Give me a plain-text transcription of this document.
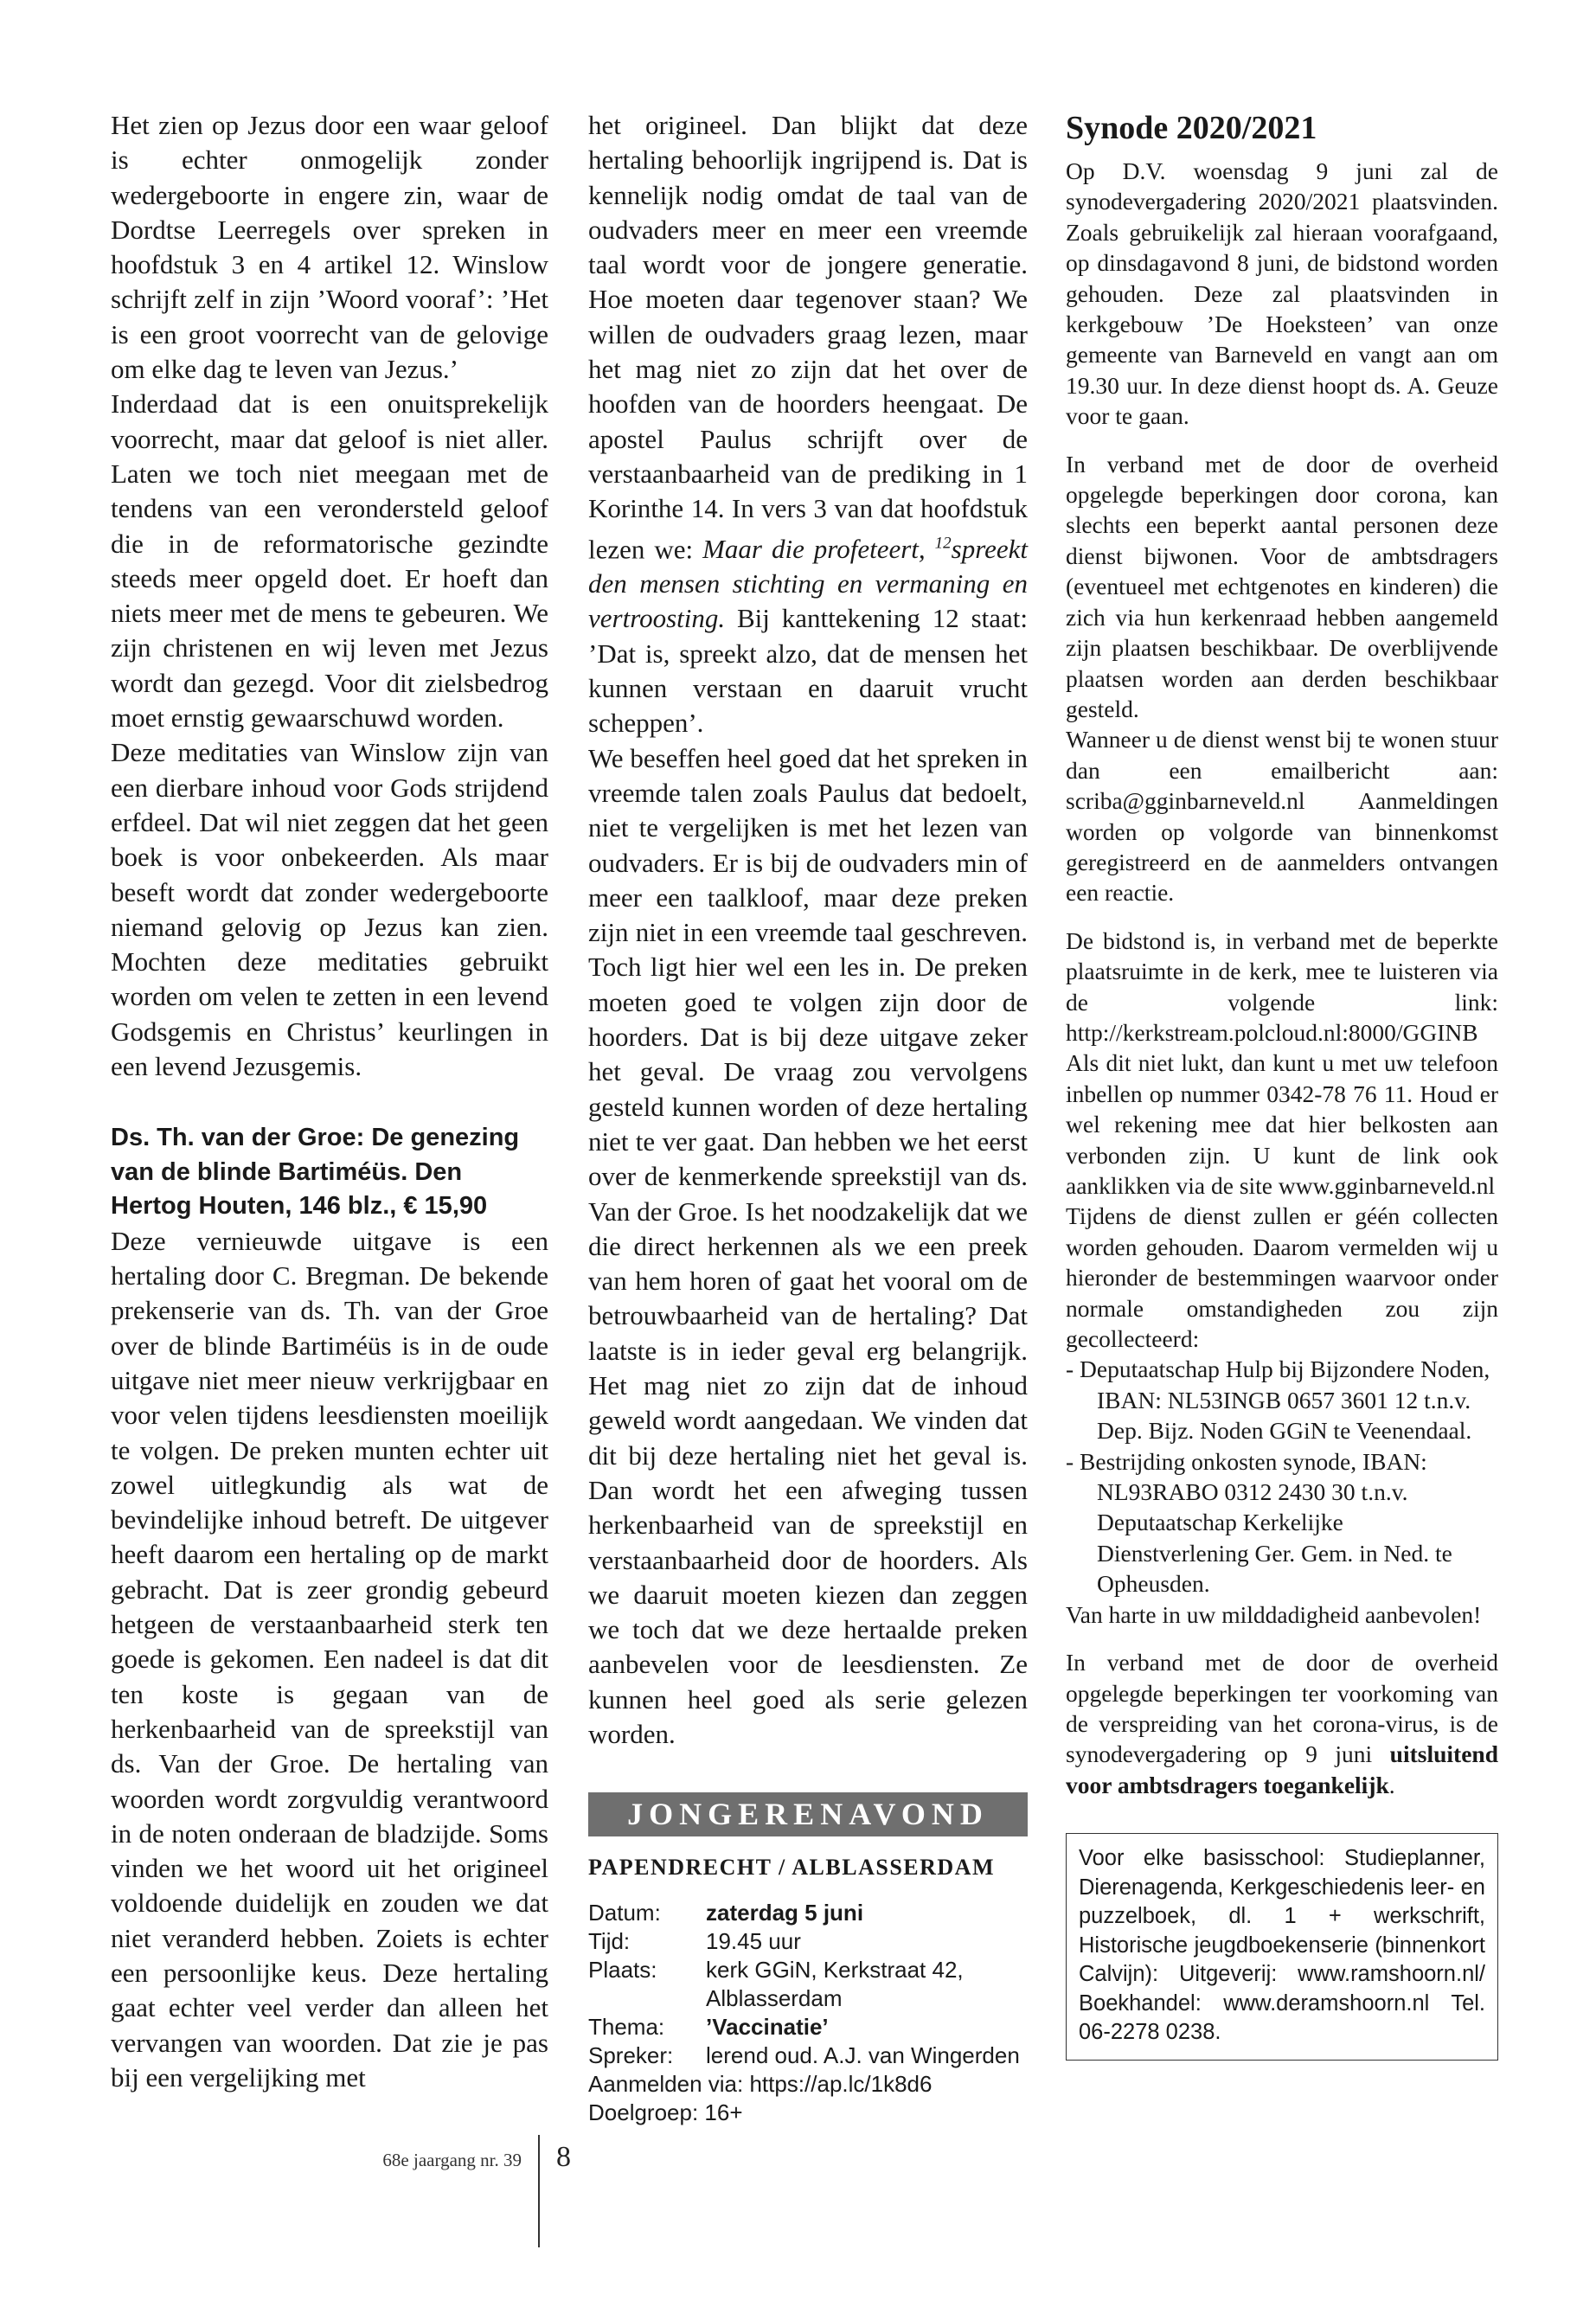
Het zien op Jezus door een waar geloof is echter onmogelijk zonder wedergeboorte in engere zin, waar de Dordtse Leerregels over spreken in hoofdstuk 3 en 4 artikel 12. Winslow schrijft zelf in zijn ’Woord vooraf’: ’Het is een groot voorrecht van de gelovige om elke dag te leven van Jezus.’

Inderdaad dat is een onuitsprekelijk voorrecht, maar dat geloof is niet aller. Laten we toch niet meegaan met de tendens van een verondersteld geloof die in de reformatorische gezindte steeds meer opgeld doet. Er hoeft dan niets meer met de mens te gebeuren. We zijn christenen en wij leven met Jezus wordt dan gezegd. Voor dit zielsbedrog moet ernstig gewaarschuwd worden.

Deze meditaties van Winslow zijn van een dierbare inhoud voor Gods strijdend erfdeel. Dat wil niet zeggen dat het geen boek is voor onbekeerden. Als maar beseft wordt dat zonder wedergeboorte niemand gelovig op Jezus kan zien. Mochten deze meditaties gebruikt worden om velen te zetten in een levend Godsgemis en Christus’ keurlingen in een levend Jezusgemis.

Ds. Th. van der Groe: De genezing van de blinde Bartiméüs. Den Hertog Houten, 146 blz., € 15,90

Deze vernieuwde uitgave is een hertaling door C. Bregman. De bekende prekenserie van ds. Th. van der Groe over de blinde Bartiméüs is in de oude uitgave niet meer nieuw verkrijgbaar en voor velen tijdens leesdiensten moeilijk te volgen. De preken munten echter uit zowel uitlegkundig als wat de bevindelijke inhoud betreft. De uitgever heeft daarom een hertaling op de markt gebracht. Dat is zeer grondig gebeurd hetgeen de verstaanbaarheid sterk ten goede is gekomen. Een nadeel is dat dit ten koste is gegaan van de herkenbaarheid van de spreekstijl van ds. Van der Groe. De hertaling van woorden wordt zorgvuldig verantwoord in de noten onderaan de bladzijde. Soms vinden we het woord uit het origineel voldoende duidelijk en zouden we dat niet veranderd hebben. Zoiets is echter een persoonlijke keus. Deze hertaling gaat echter veel verder dan alleen het vervangen van woorden. Dat zie je pas bij een vergelijking met

het origineel. Dan blijkt dat deze hertaling behoorlijk ingrijpend is. Dat is kennelijk nodig omdat de taal van de oudvaders meer en meer een vreemde taal wordt voor de jongere generatie. Hoe moeten daar tegenover staan? We willen de oudvaders graag lezen, maar het mag niet zo zijn dat het over de hoofden van de hoorders heengaat. De apostel Paulus schrijft over de verstaanbaarheid van de prediking in 1 Korinthe 14. In vers 3 van dat hoofdstuk lezen we: Maar die profeteert, $^{12}$spreekt den mensen stichting en vermaning en vertroosting. Bij kanttekening 12 staat: ’Dat is, spreekt alzo, dat de mensen het kunnen verstaan en daaruit vrucht scheppen’.

We beseffen heel goed dat het spreken in vreemde talen zoals Paulus dat bedoelt, niet te vergelijken is met het lezen van oudvaders. Er is bij de oudvaders min of meer een taalkloof, maar deze preken zijn niet in een vreemde taal geschreven. Toch ligt hier wel een les in. De preken moeten goed te volgen zijn door de hoorders. Dat is bij deze uitgave zeker het geval. De vraag zou vervolgens gesteld kunnen worden of deze hertaling niet te ver gaat. Dan hebben we het eerst over de kenmerkende spreekstijl van ds. Van der Groe. Is het noodzakelijk dat we die direct herkennen als we een preek van hem horen of gaat het vooral om de betrouwbaarheid van de hertaling? Dat laatste is in ieder geval erg belangrijk. Het mag niet zo zijn dat de inhoud geweld wordt aangedaan. We vinden dat dit bij deze hertaling niet het geval is. Dan wordt het een afweging tussen herkenbaarheid van de spreekstijl en verstaanbaarheid door de hoorders. Als we daaruit moeten kiezen dan zeggen we toch dat we deze hertaalde preken aanbevelen voor de leesdiensten. Ze kunnen heel goed als serie gelezen worden.

JONGERENAVOND
PAPENDRECHT / ALBLASSERDAM
Datum:	zaterdag 5 juni
Tijd:	19.45 uur
Plaats:	kerk GGiN, Kerkstraat 42, Alblasserdam
Thema:	’Vaccinatie’
Spreker:	lerend oud. A.J. van Wingerden
Aanmelden via: https://ap.lc/1k8d6
Doelgroep: 16+
Synode 2020/2021

Op D.V. woensdag 9 juni zal de synodevergadering 2020/2021 plaatsvinden. Zoals gebruikelijk zal hieraan voorafgaand, op dinsdagavond 8 juni, de bidstond worden gehouden. Deze zal plaatsvinden in kerkgebouw ’De Hoeksteen’ van onze gemeente van Barneveld en vangt aan om 19.30 uur. In deze dienst hoopt ds. A. Geuze voor te gaan.

In verband met de door de overheid opgelegde beperkingen door corona, kan slechts een beperkt aantal personen deze dienst bijwonen. Voor de ambtsdragers (eventueel met echtgenotes en kinderen) die zich via hun kerkenraad hebben aangemeld zijn plaatsen beschikbaar. De overblijvende plaatsen worden aan derden beschikbaar gesteld.

Wanneer u de dienst wenst bij te wonen stuur dan een emailbericht aan: scriba@gginbarneveld.nl Aanmeldingen worden op volgorde van binnenkomst geregistreerd en de aanmelders ontvangen een reactie.

De bidstond is, in verband met de beperkte plaatsruimte in de kerk, mee te luisteren via de volgende link: http://kerkstream.polcloud.nl:8000/GGINB Als dit niet lukt, dan kunt u met uw telefoon inbellen op nummer 0342-78 76 11. Houd er wel rekening mee dat hier belkosten aan verbonden zijn. U kunt de link ook aanklikken via de site www.gginbarneveld.nl

Tijdens de dienst zullen er géén collecten worden gehouden. Daarom vermelden wij u hieronder de bestemmingen waarvoor onder normale omstandigheden zou zijn gecollecteerd:

- Deputaatschap Hulp bij Bijzondere Noden, IBAN: NL53INGB 0657 3601 12 t.n.v. Dep. Bijz. Noden GGiN te Veenendaal.

- Bestrijding onkosten synode, IBAN: NL93RABO 0312 2430 30 t.n.v. Deputaatschap Kerkelijke Dienstverlening Ger. Gem. in Ned. te Opheusden.

Van harte in uw milddadigheid aanbevolen!

In verband met de door de overheid opgelegde beperkingen ter voorkoming van de verspreiding van het corona-virus, is de synodevergadering op 9 juni uitsluitend voor ambtsdragers toegankelijk.

Voor elke basisschool: Studieplanner, Dierenagenda, Kerkgeschiedenis leer- en puzzelboek, dl. 1 + werkschrift, Historische jeugdboekenserie (binnenkort Calvijn): Uitgeverij: www.ramshoorn.nl/ Boekhandel: www.deramshoorn.nl Tel. 06-2278 0238.
68e jaargang nr. 39 8
